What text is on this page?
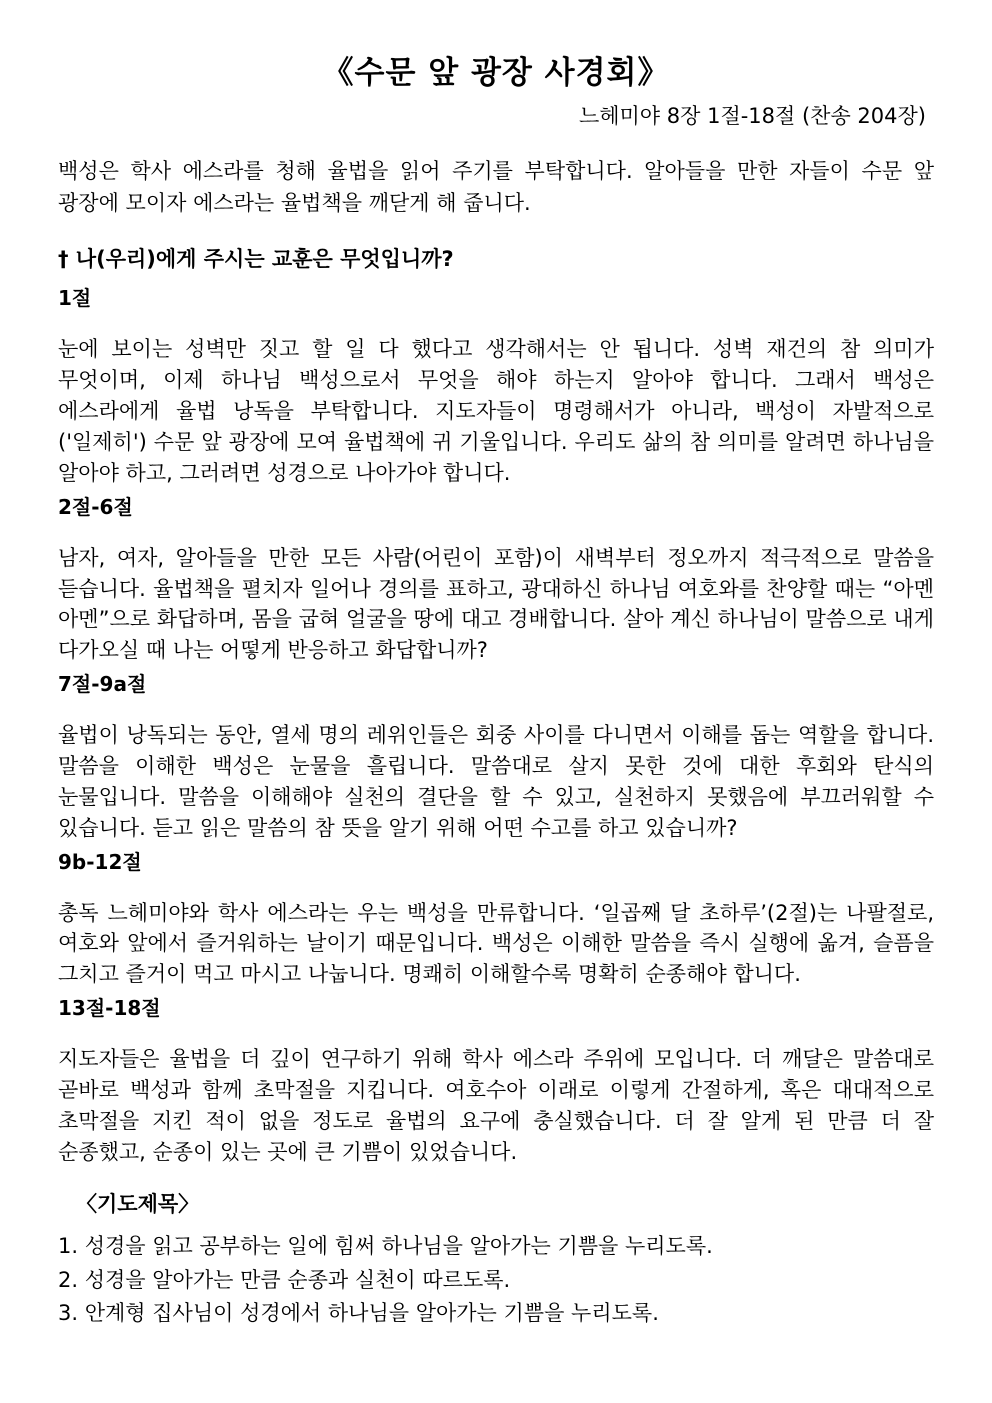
《수문 앞 광장 사경회》
느헤미야 8장 1절-18절 (찬송 204장)

백성은 학사 에스라를 청해 율법을 읽어 주기를 부탁합니다. 알아들을 만한 자들이 수문 앞 광장에 모이자 에스라는 율법책을 깨닫게 해 줍니다.

† 나(우리)에게 주시는 교훈은 무엇입니까?
1절

눈에 보이는 성벽만 짓고 할 일 다 했다고 생각해서는 안 됩니다. 성벽 재건의 참 의미가 무엇이며, 이제 하나님 백성으로서 무엇을 해야 하는지 알아야 합니다. 그래서 백성은 에스라에게 율법 낭독을 부탁합니다. 지도자들이 명령해서가 아니라, 백성이 자발적으로('일제히') 수문 앞 광장에 모여 율법책에 귀 기울입니다. 우리도 삶의 참 의미를 알려면 하나님을 알아야 하고, 그러려면 성경으로 나아가야 합니다.

2절-6절

남자, 여자, 알아들을 만한 모든 사람(어린이 포함)이 새벽부터 정오까지 적극적으로 말씀을 듣습니다. 율법책을 펼치자 일어나 경의를 표하고, 광대하신 하나님 여호와를 찬양할 때는 “아멘 아멘”으로 화답하며, 몸을 굽혀 얼굴을 땅에 대고 경배합니다. 살아 계신 하나님이 말씀으로 내게 다가오실 때 나는 어떻게 반응하고 화답합니까?

7절-9a절

율법이 낭독되는 동안, 열세 명의 레위인들은 회중 사이를 다니면서 이해를 돕는 역할을 합니다. 말씀을 이해한 백성은 눈물을 흘립니다. 말씀대로 살지 못한 것에 대한 후회와 탄식의 눈물입니다. 말씀을 이해해야 실천의 결단을 할 수 있고, 실천하지 못했음에 부끄러워할 수 있습니다. 듣고 읽은 말씀의 참 뜻을 알기 위해 어떤 수고를 하고 있습니까?

9b-12절

총독 느헤미야와 학사 에스라는 우는 백성을 만류합니다. ‘일곱째 달 초하루’(2절)는 나팔절로, 여호와 앞에서 즐거워하는 날이기 때문입니다. 백성은 이해한 말씀을 즉시 실행에 옮겨, 슬픔을 그치고 즐거이 먹고 마시고 나눕니다. 명쾌히 이해할수록 명확히 순종해야 합니다.

13절-18절

지도자들은 율법을 더 깊이 연구하기 위해 학사 에스라 주위에 모입니다. 더 깨달은 말씀대로 곧바로 백성과 함께 초막절을 지킵니다. 여호수아 이래로 이렇게 간절하게, 혹은 대대적으로 초막절을 지킨 적이 없을 정도로 율법의 요구에 충실했습니다. 더 잘 알게 된 만큼 더 잘 순종했고, 순종이 있는 곳에 큰 기쁨이 있었습니다.

〈기도제목〉
1. 성경을 읽고 공부하는 일에 힘써 하나님을 알아가는 기쁨을 누리도록.
2. 성경을 알아가는 만큼 순종과 실천이 따르도록.
3. 안계형 집사님이 성경에서 하나님을 알아가는 기쁨을 누리도록.
